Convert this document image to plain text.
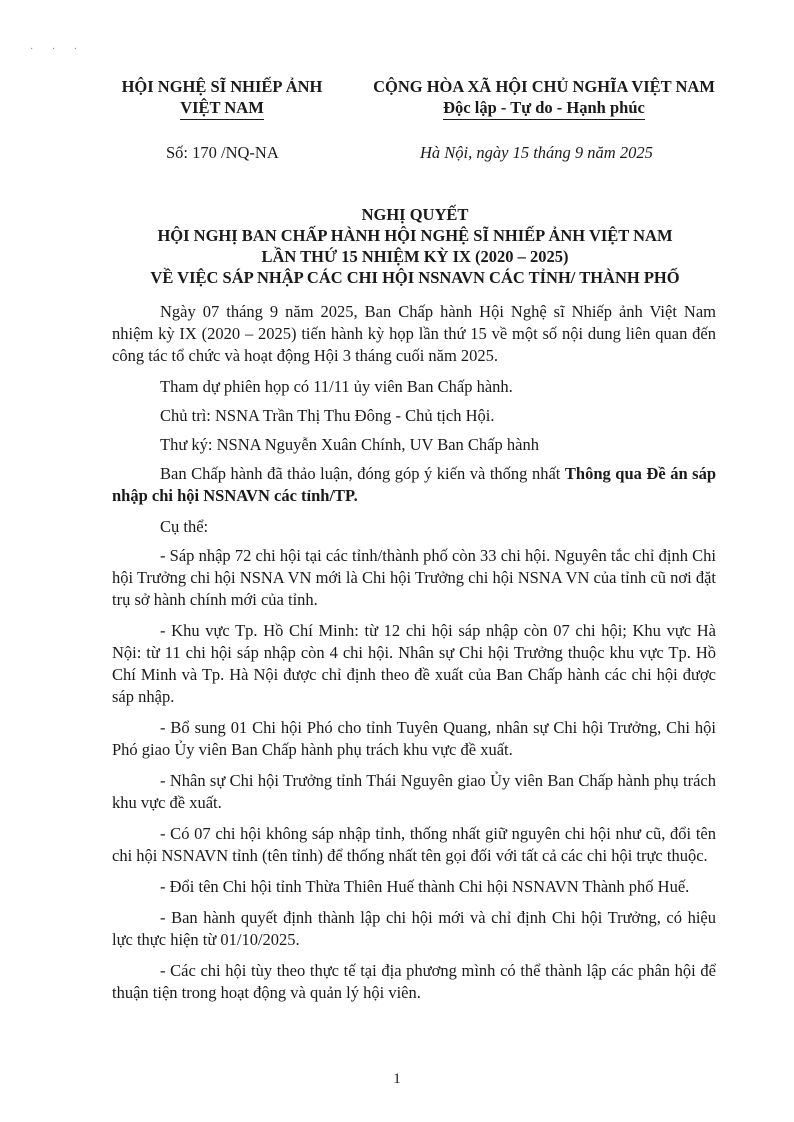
· · ·
HỘI NGHỆ SĨ NHIẾP ẢNH
VIỆT NAM
CỘNG HÒA XÃ HỘI CHỦ NGHĨA VIỆT NAM
Độc lập - Tự do - Hạnh phúc
Số: 170 /NQ-NA	Hà Nội, ngày 15 tháng 9 năm 2025
NGHỊ QUYẾT
HỘI NGHỊ BAN CHẤP HÀNH HỘI NGHỆ SĨ NHIẾP ẢNH VIỆT NAM
LẦN THỨ 15 NHIỆM KỲ IX (2020 – 2025)
VỀ VIỆC SÁP NHẬP CÁC CHI HỘI NSNAVN CÁC TỈNH/ THÀNH PHỐ

Ngày 07 tháng 9 năm 2025, Ban Chấp hành Hội Nghệ sĩ Nhiếp ảnh Việt Nam nhiệm kỳ IX (2020 – 2025) tiến hành kỳ họp lần thứ 15 về một số nội dung liên quan đến công tác tổ chức và hoạt động Hội 3 tháng cuối năm 2025.

Tham dự phiên họp có 11/11 ủy viên Ban Chấp hành.

Chủ trì: NSNA Trần Thị Thu Đông - Chủ tịch Hội.

Thư ký: NSNA Nguyễn Xuân Chính, UV Ban Chấp hành

Ban Chấp hành đã thảo luận, đóng góp ý kiến và thống nhất Thông qua Đề án sáp nhập chi hội NSNAVN các tỉnh/TP.

Cụ thể:

- Sáp nhập 72 chi hội tại các tỉnh/thành phố còn 33 chi hội. Nguyên tắc chỉ định Chi hội Trưởng chi hội NSNA VN mới là Chi hội Trưởng chi hội NSNA VN của tỉnh cũ nơi đặt trụ sở hành chính mới của tỉnh.

- Khu vực Tp. Hồ Chí Minh: từ 12 chi hội sáp nhập còn 07 chi hội; Khu vực Hà Nội: từ 11 chi hội sáp nhập còn 4 chi hội. Nhân sự Chi hội Trưởng thuộc khu vực Tp. Hồ Chí Minh và Tp. Hà Nội được chỉ định theo đề xuất của Ban Chấp hành các chi hội được sáp nhập.

- Bổ sung 01 Chi hội Phó cho tỉnh Tuyên Quang, nhân sự Chi hội Trưởng, Chi hội Phó giao Ủy viên Ban Chấp hành phụ trách khu vực đề xuất.

- Nhân sự Chi hội Trưởng tỉnh Thái Nguyên giao Ủy viên Ban Chấp hành phụ trách khu vực đề xuất.

- Có 07 chi hội không sáp nhập tỉnh, thống nhất giữ nguyên chi hội như cũ, đổi tên chi hội NSNAVN tỉnh (tên tỉnh) để thống nhất tên gọi đối với tất cả các chi hội trực thuộc.

- Đổi tên Chi hội tỉnh Thừa Thiên Huế thành Chi hội NSNAVN Thành phố Huế.

- Ban hành quyết định thành lập chi hội mới và chỉ định Chi hội Trưởng, có hiệu lực thực hiện từ 01/10/2025.

- Các chi hội tùy theo thực tế tại địa phương mình có thể thành lập các phân hội để thuận tiện trong hoạt động và quản lý hội viên.

1
